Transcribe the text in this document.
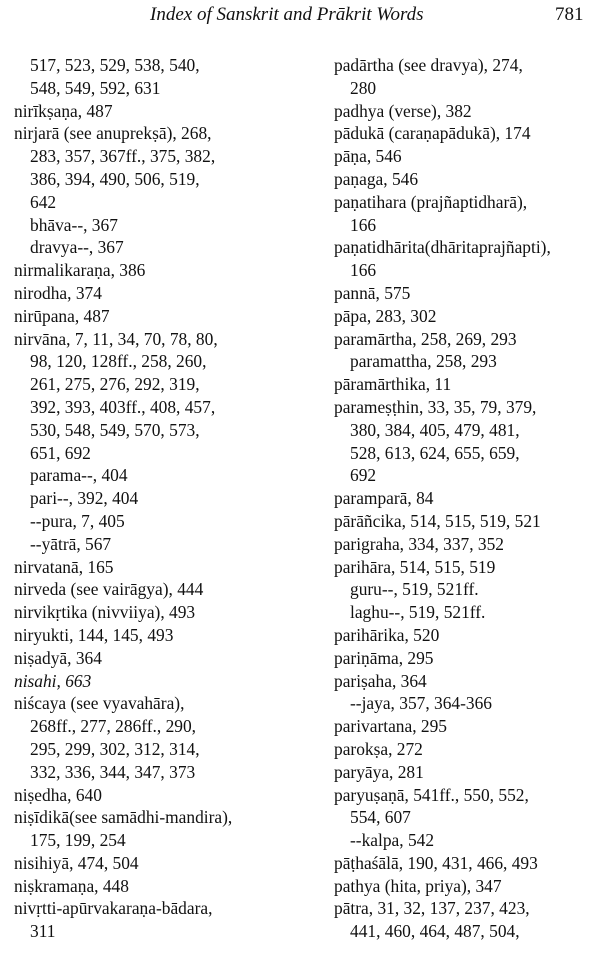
Index of Sanskrit and Prākrit Words	781
517, 523, 529, 538, 540,
548, 549, 592, 631
nirīkṣaṇa, 487
nirjarā (see anuprekṣā), 268,
283, 357, 367ff., 375, 382,
386, 394, 490, 506, 519,
642
bhāva--, 367
dravya--, 367
nirmalikaraṇa, 386
nirodha, 374
nirūpana, 487
nirvāna, 7, 11, 34, 70, 78, 80,
98, 120, 128ff., 258, 260,
261, 275, 276, 292, 319,
392, 393, 403ff., 408, 457,
530, 548, 549, 570, 573,
651, 692
parama--, 404
pari--, 392, 404
--pura, 7, 405
--yātrā, 567
nirvatanā, 165
nirveda (see vairāgya), 444
nirvikṛtika (nivviiya), 493
niryukti, 144, 145, 493
niṣadyā, 364
nisahi, 663
niścaya (see vyavahāra),
268ff., 277, 286ff., 290,
295, 299, 302, 312, 314,
332, 336, 344, 347, 373
niṣedha, 640
niṣīdikā(see samādhi-mandira),
175, 199, 254
nisihiyā, 474, 504
niṣkramaṇa, 448
nivṛtti-apūrvakaraṇa-bādara,
311
padārtha (see dravya), 274,
280
padhya (verse), 382
pādukā (caraṇapādukā), 174
pāṇa, 546
paṇaga, 546
paṇatihara (prajñaptidharā),
166
paṇatidhārita(dhāritaprajñapti),
166
pannā, 575
pāpa, 283, 302
paramārtha, 258, 269, 293
paramattha, 258, 293
pāramārthika, 11
parameṣṭhin, 33, 35, 79, 379,
380, 384, 405, 479, 481,
528, 613, 624, 655, 659,
692
paramparā, 84
pārāñcika, 514, 515, 519, 521
parigraha, 334, 337, 352
parihāra, 514, 515, 519
guru--, 519, 521ff.
laghu--, 519, 521ff.
parihārika, 520
pariṇāma, 295
pariṣaha, 364
--jaya, 357, 364-366
parivartana, 295
parokṣa, 272
paryāya, 281
paryuṣaṇā, 541ff., 550, 552,
554, 607
--kalpa, 542
pāṭhaśālā, 190, 431, 466, 493
pathya (hita, priya), 347
pātra, 31, 32, 137, 237, 423,
441, 460, 464, 487, 504,
